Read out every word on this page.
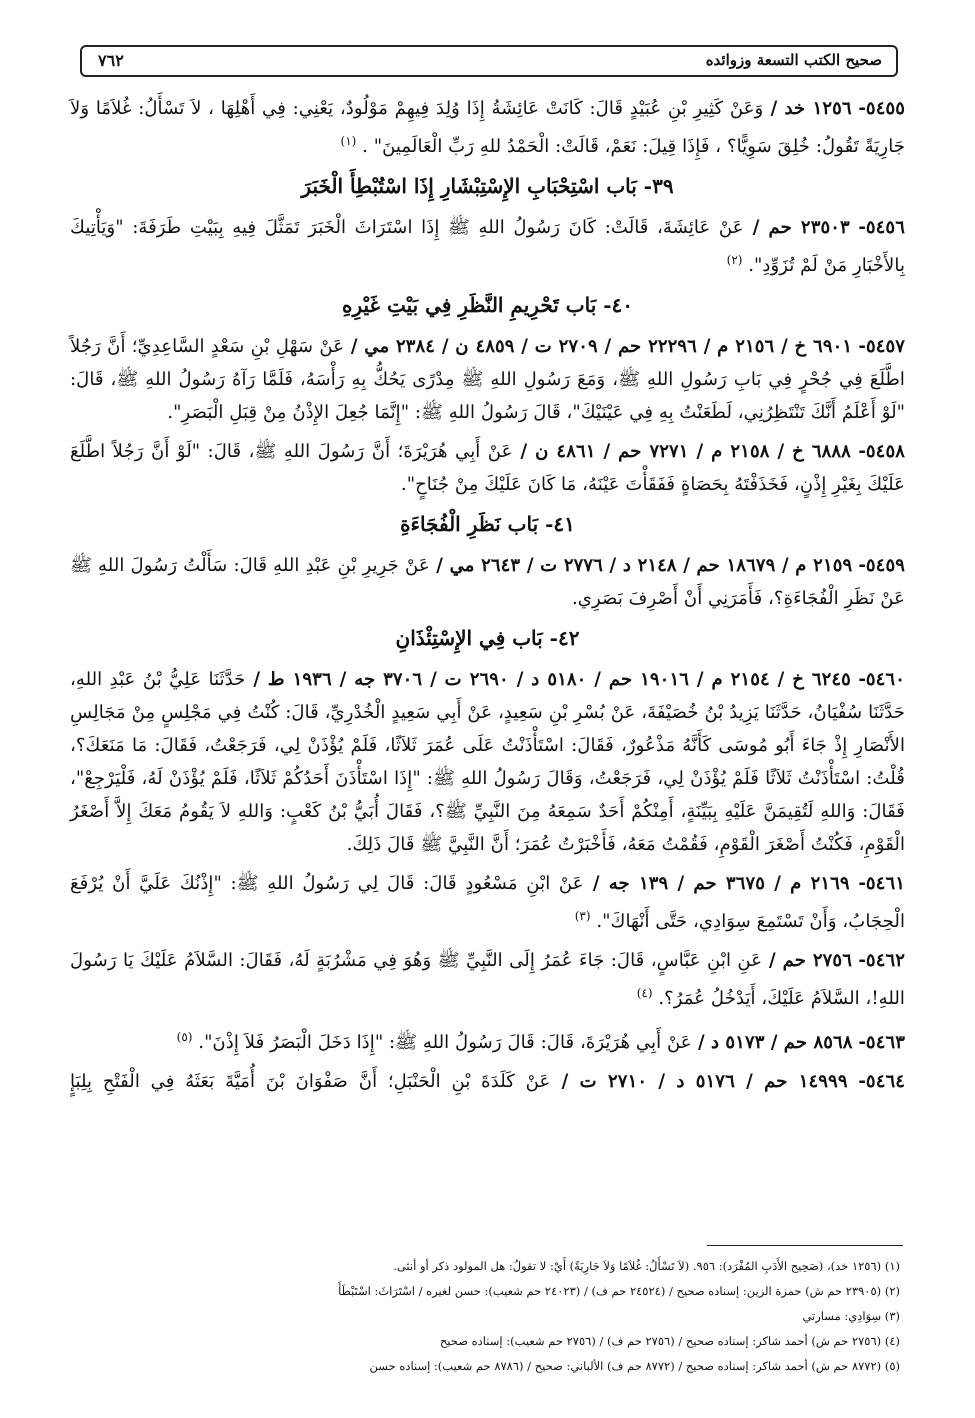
صحيح الكتب التسعة وزوائده
٧٦٢

٥٤٥٥- ١٢٥٦ خد / وَعَنْ كَثِيرِ بْنِ عُبَيْدٍ قَالَ: كَانَتْ عَائِشَةُ إِذَا وُلِدَ فِيهِمْ مَوْلُودٌ، يَعْنِي: فِي أَهْلِهَا ، لاَ تَسْأَلُ: غُلاَمًا وَلاَ جَارِيَةً تَقُولُ: خُلِقَ سَوِيًّا؟ ، فَإِذَا قِيلَ: نَعَمْ، قَالَتْ: الْحَمْدُ للهِ رَبِّ الْعَالَمِينَ" . $^{(١)}$

٣٩- بَاب اسْتِحْبَابِ الإِسْتِبْشَارِ إِذَا اسْتُبْطِأَ الْخَبَرَ

٥٤٥٦- ٢٣٥٠٣ حم / عَنْ عَائِشَةَ، قَالَتْ: كَانَ رَسُولُ اللهِ ﷺ إِذَا اسْتَرَاثَ الْخَبَرَ تَمَثَّلَ فِيهِ بِبَيْتِ طَرَفَةَ: "وَيَأْتِيكَ بِالأَخْبَارِ مَنْ لَمْ تُزَوِّدِ". $^{(٢)}$

٤٠- بَاب تَحْرِيمِ النَّظَرِ فِي بَيْتِ غَيْرِهِ

٥٤٥٧- ٦٩٠١ خ / ٢١٥٦ م / ٢٢٢٩٦ حم / ٢٧٠٩ ت / ٤٨٥٩ ن / ٢٣٨٤ مي / عَنْ سَهْلِ بْنِ سَعْدٍ السَّاعِدِيِّ؛ أَنَّ رَجُلاً اطَّلَعَ فِي جُحْرٍ فِي بَابِ رَسُولِ اللهِ ﷺ، وَمَعَ رَسُولِ اللهِ ﷺ مِدْرًى يَحُكُّ بِهِ رَأْسَهُ، فَلَمَّا رَآهُ رَسُولُ اللهِ ﷺ، قَالَ: "لَوْ أَعْلَمُ أَنَّكَ تَنْتَظِرُنِي، لَطَعَنْتُ بِهِ فِي عَيْنَيْكَ"، قَالَ رَسُولُ اللهِ ﷺ: "إِنَّمَا جُعِلَ الإِذْنُ مِنْ قِبَلِ الْبَصَرِ".

٥٤٥٨- ٦٨٨٨ خ / ٢١٥٨ م / ٧٢٧١ حم / ٤٨٦١ ن / عَنْ أَبِي هُرَيْرَةَ؛ أَنَّ رَسُولَ اللهِ ﷺ، قَالَ: "لَوْ أَنَّ رَجُلاً اطَّلَعَ عَلَيْكَ بِغَيْرِ إِذْنٍ، فَخَذَفْتَهُ بِحَصَاةٍ فَفَقَأْتَ عَيْنَهُ، مَا كَانَ عَلَيْكَ مِنْ جُنَاحٍ".

٤١- بَاب نَظَرِ الْفُجَاءَةِ

٥٤٥٩- ٢١٥٩ م / ١٨٦٧٩ حم / ٢١٤٨ د / ٢٧٧٦ ت / ٢٦٤٣ مي / عَنْ جَرِيرِ بْنِ عَبْدِ اللهِ قَالَ: سَأَلْتُ رَسُولَ اللهِ ﷺ عَنْ نَظَرِ الْفُجَاءَةِ؟، فَأَمَرَنِي أَنْ أَصْرِفَ بَصَرِي.

٤٢- بَاب فِي الإِسْتِئْذَانِ

٥٤٦٠- ٦٢٤٥ خ / ٢١٥٤ م / ١٩٠١٦ حم / ٥١٨٠ د / ٢٦٩٠ ت / ٣٧٠٦ جه / ١٩٣٦ ط / حَدَّثَنَا عَلِيُّ بْنُ عَبْدِ اللهِ، حَدَّثَنَا سُفْيَانُ، حَدَّثَنَا يَزِيدُ بْنُ خُصَيْفَةَ، عَنْ بُسْرِ بْنِ سَعِيدٍ، عَنْ أَبِي سَعِيدٍ الْخُدْرِيِّ، قَالَ: كُنْتُ فِي مَجْلِسٍ مِنْ مَجَالِسِ الأَنْصَارِ إِذْ جَاءَ أَبُو مُوسَى كَأَنَّهُ مَذْعُورٌ، فَقَالَ: اسْتَأْذَنْتُ عَلَى عُمَرَ ثَلاَثًا، فَلَمْ يُؤْذَنْ لِي، فَرَجَعْتُ، فَقَالَ: مَا مَنَعَكَ؟، قُلْتُ: اسْتَأْذَنْتُ ثَلاَثًا فَلَمْ يُؤْذَنْ لِي، فَرَجَعْتُ، وَقَالَ رَسُولُ اللهِ ﷺ: "إِذَا اسْتَأْذَنَ أَحَدُكُمْ ثَلاَثًا، فَلَمْ يُؤْذَنْ لَهُ، فَلْيَرْجِعْ"، فَقَالَ: وَاللهِ لَتُقِيمَنَّ عَلَيْهِ بِبَيِّنَةٍ، أَمِنْكُمْ أَحَدٌ سَمِعَهُ مِنَ النَّبِيِّ ﷺ؟، فَقَالَ أُبَيُّ بْنُ كَعْبٍ: وَاللهِ لاَ يَقُومُ مَعَكَ إِلاَّ أَصْغَرُ الْقَوْمِ، فَكُنْتُ أَصْغَرَ الْقَوْمِ، فَقُمْتُ مَعَهُ، فَأَخْبَرْتُ عُمَرَ؛ أَنَّ النَّبِيَّ ﷺ قَالَ ذَلِكَ.

٥٤٦١- ٢١٦٩ م / ٣٦٧٥ حم / ١٣٩ جه / عَنْ ابْنِ مَسْعُودٍ قَالَ: قَالَ لِي رَسُولُ اللهِ ﷺ: "إِذْنُكَ عَلَيَّ أَنْ يُرْفَعَ الْحِجَابُ، وَأَنْ تَسْتَمِعَ سِوَادِي، حَتَّى أَنْهَاكَ". $^{(٣)}$

٥٤٦٢- ٢٧٥٦ حم / عَنِ ابْنِ عَبَّاسٍ، قَالَ: جَاءَ عُمَرُ إِلَى النَّبِيِّ ﷺ وَهُوَ فِي مَشْرُبَةٍ لَهُ، فَقَالَ: السَّلاَمُ عَلَيْكَ يَا رَسُولَ اللهِ!، السَّلاَمُ عَلَيْكَ، أَيَدْخُلُ عُمَرُ؟. $^{(٤)}$

٥٤٦٣- ٨٥٦٨ حم / ٥١٧٣ د / عَنْ أَبِي هُرَيْرَةَ، قَالَ: قَالَ رَسُولُ اللهِ ﷺ: "إِذَا دَخَلَ الْبَصَرُ فَلاَ إِذْنَ". $^{(٥)}$

٥٤٦٤- ١٤٩٩٩ حم / ٥١٧٦ د / ٢٧١٠ ت / عَنْ كَلَدَةَ بْنِ الْحَنْبَلِ؛ أَنَّ صَفْوَانَ بْنَ أُمَيَّةَ بَعَثَهُ فِي الْفَتْحِ بِلِبَإٍ

(١) (١٢٥٦ خد)، (صَحِيح الأَدَبِ المُفْرَد): ٩٥٦. (لاَ تَسْأَلُ: غُلاَمًا وَلاَ جَارِيَةً) أَيْ: لا تقولُ: هل المولود ذكر أو أنثى.

(٢) (٢٣٩٠٥ حم ش) حمزة الزين: إسناده صحيح / (٢٤٥٢٤ حم ف) / (٢٤٠٢٣ حم شعيب): حسن لغيره / اسْتَرَاثَ: اسْتَبْطَأَ

(٣) سِوَادِي: مسارتي

(٤) (٢٧٥٦ حم ش) أحمد شاكر: إسناده صحيح / (٢٧٥٦ حم ف) / (٢٧٥٦ حم شعيب): إسناده صحيح

(٥) (٨٧٧٢ حم ش) أحمد شاكر: إسناده صحيح / (٨٧٧٢ حم ف) الألباني: صحيح / (٨٧٨٦ حم شعيب): إسناده حسن
